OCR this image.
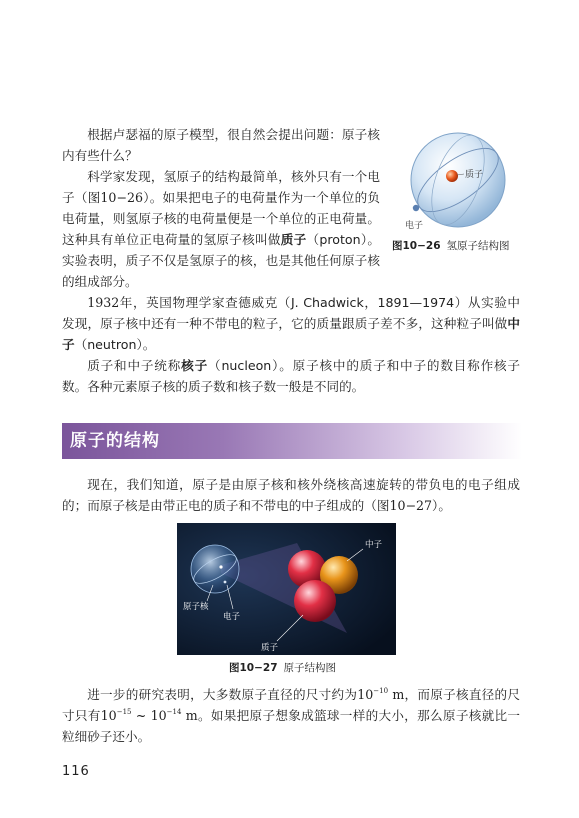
根据卢瑟福的原子模型，很自然会提出问题：原子核内有些什么？

科学家发现，氢原子的结构最简单，核外只有一个电子（图10−26）。如果把电子的电荷量作为一个单位的负电荷量，则氢原子核的电荷量便是一个单位的正电荷量。这种具有单位正电荷量的氢原子核叫做质子（proton）。实验表明，质子不仅是氢原子的核，也是其他任何原子核的组成部分。

质子
电子
图10−26 氢原子结构图

1932年，英国物理学家查德威克（J. Chadwick，1891—1974）从实验中发现，原子核中还有一种不带电的粒子，它的质量跟质子差不多，这种粒子叫做中子（neutron）。

质子和中子统称核子（nucleon）。原子核中的质子和中子的数目称作核子数。各种元素原子核的质子数和核子数一般是不同的。

原子的结构

现在，我们知道，原子是由原子核和核外绕核高速旋转的带负电的电子组成的；而原子核是由带正电的质子和不带电的中子组成的（图10−27）。

中子
原子核
电子
质子
图10−27 原子结构图

进一步的研究表明，大多数原子直径的尺寸约为$10^{-10}$ m，而原子核直径的尺寸只有$10^{-15}$ ~ $10^{-14}$ m。如果把原子想象成篮球一样的大小，那么原子核就比一粒细砂子还小。

116
